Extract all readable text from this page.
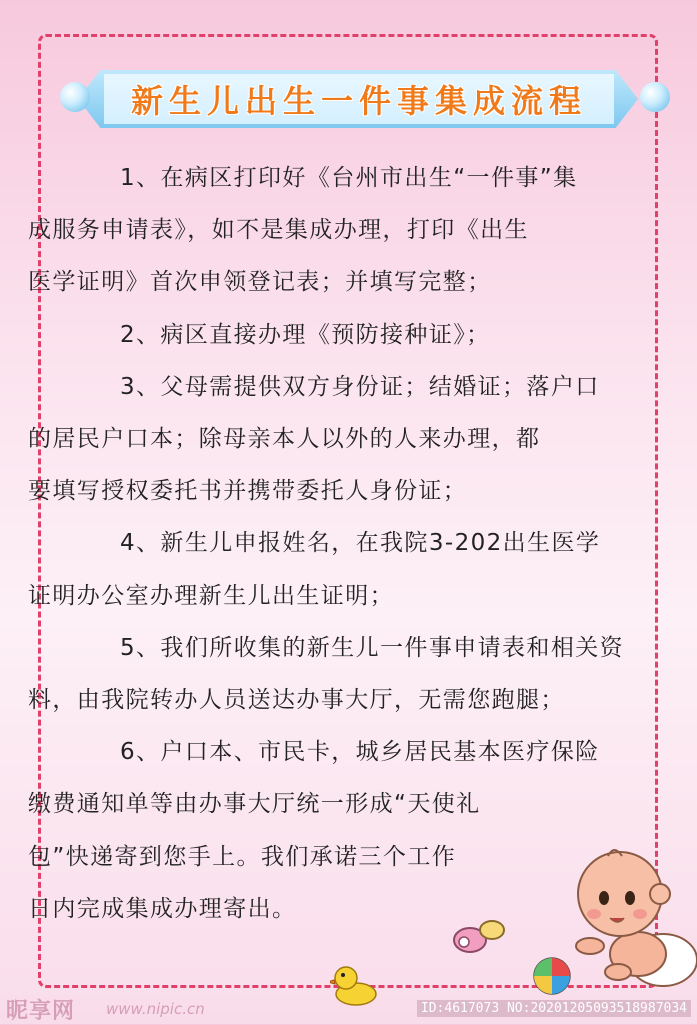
新生儿出生一件事集成流程

1、在病区打印好《台州市出生“一件事”集
成服务申请表》，如不是集成办理，打印《出生
医学证明》首次申领登记表；并填写完整；

2、病区直接办理《预防接种证》；

3、父母需提供双方身份证；结婚证；落户口
的居民户口本；除母亲本人以外的人来办理，都
要填写授权委托书并携带委托人身份证；

4、新生儿申报姓名，在我院3-202出生医学
证明办公室办理新生儿出生证明；

5、我们所收集的新生儿一件事申请表和相关资
料，由我院转办人员送达办事大厅，无需您跑腿；

6、户口本、市民卡，城乡居民基本医疗保险
缴费通知单等由办事大厅统一形成“天使礼
包”快递寄到您手上。我们承诺三个工作
日内完成集成办理寄出。

昵享网 www.nipic.cn	ID:4617073 NO:20201205093518987034
